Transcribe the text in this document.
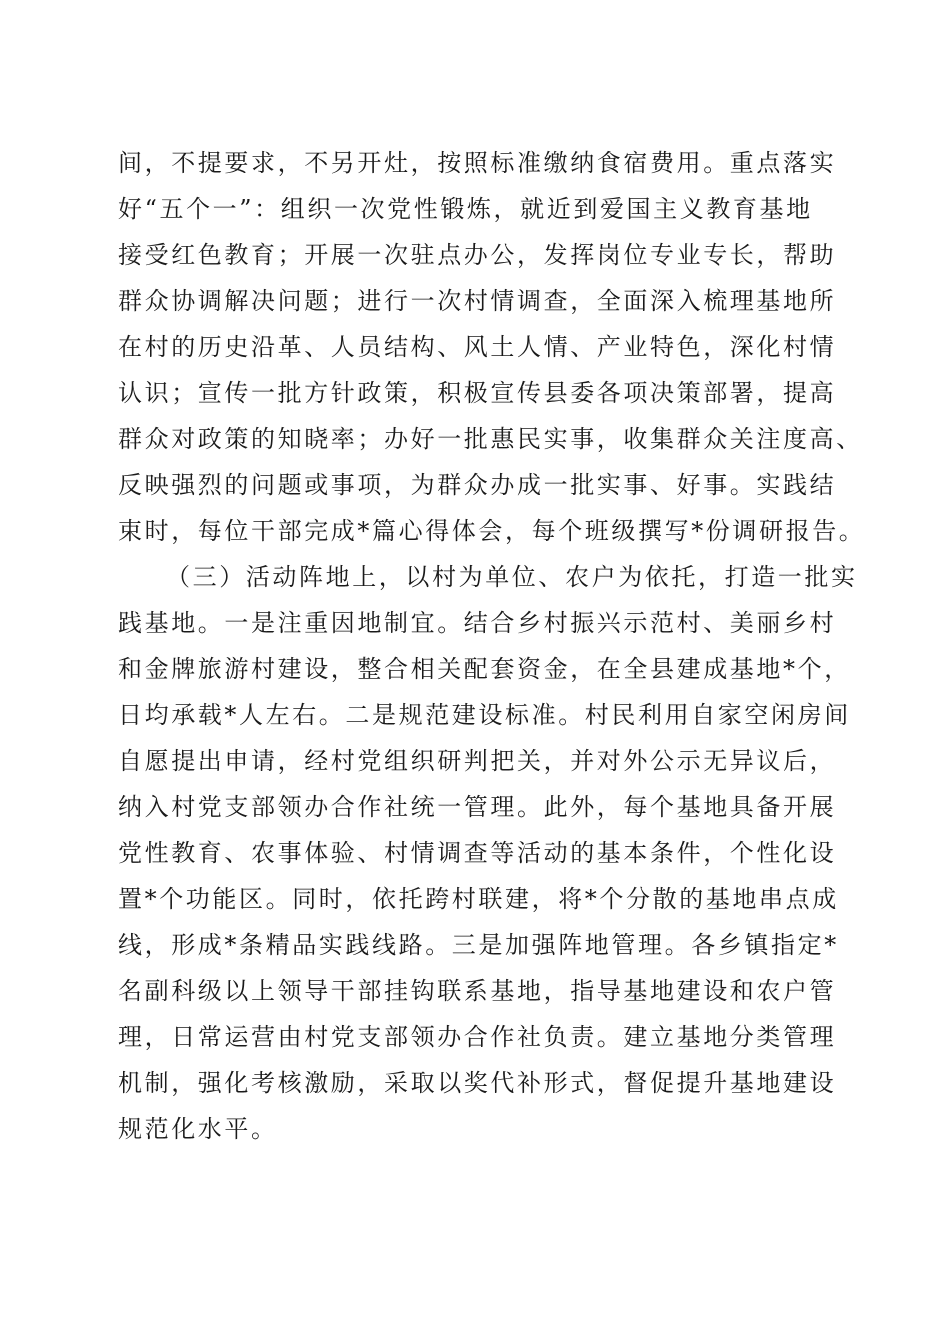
间，不提要求，不另开灶，按照标准缴纳食宿费用。重点落实
好“五个一”：组织一次党性锻炼，就近到爱国主义教育基地
接受红色教育；开展一次驻点办公，发挥岗位专业专长，帮助
群众协调解决问题；进行一次村情调查，全面深入梳理基地所
在村的历史沿革、人员结构、风土人情、产业特色，深化村情
认识；宣传一批方针政策，积极宣传县委各项决策部署，提高
群众对政策的知晓率；办好一批惠民实事，收集群众关注度高、
反映强烈的问题或事项，为群众办成一批实事、好事。实践结
束时，每位干部完成*篇心得体会，每个班级撰写*份调研报告。
（三）活动阵地上，以村为单位、农户为依托，打造一批实
践基地。一是注重因地制宜。结合乡村振兴示范村、美丽乡村
和金牌旅游村建设，整合相关配套资金，在全县建成基地*个，
日均承载*人左右。二是规范建设标准。村民利用自家空闲房间
自愿提出申请，经村党组织研判把关，并对外公示无异议后，
纳入村党支部领办合作社统一管理。此外，每个基地具备开展
党性教育、农事体验、村情调查等活动的基本条件，个性化设
置*个功能区。同时，依托跨村联建，将*个分散的基地串点成
线，形成*条精品实践线路。三是加强阵地管理。各乡镇指定*
名副科级以上领导干部挂钩联系基地，指导基地建设和农户管
理，日常运营由村党支部领办合作社负责。建立基地分类管理
机制，强化考核激励，采取以奖代补形式，督促提升基地建设
规范化水平。
